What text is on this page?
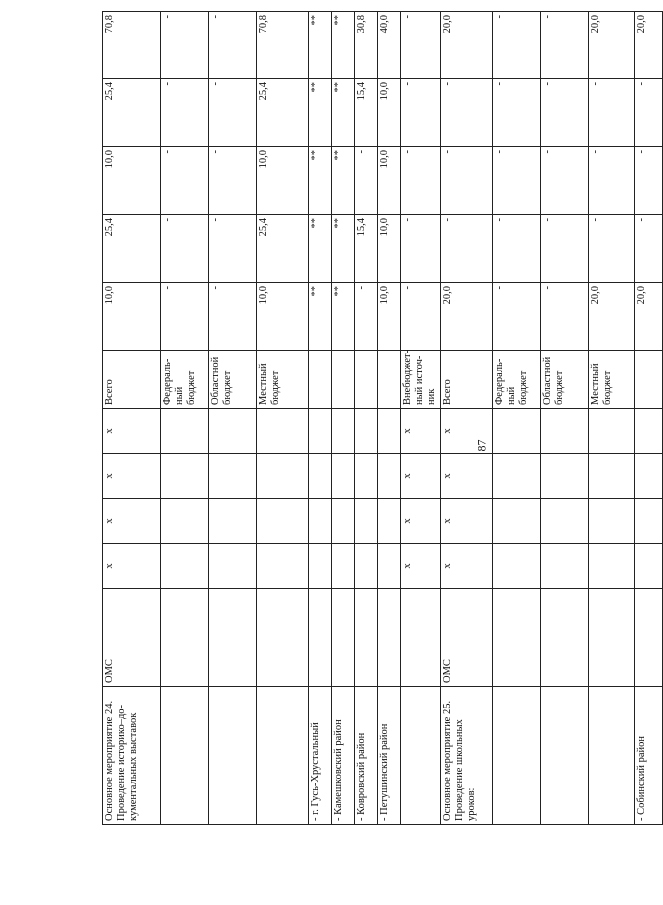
87
Основное мероприятие 24. Проведение историко–до-кументальных выставок	ОМС	х	х	х	х	Всего	10,0	25,4	10,0	25,4	70,8
						Федераль-ный бюджет	-	-	-	-	-
						Областной бюджет	-	-	-	-	-
						Местный бюджет	10,0	25,4	10,0	25,4	70,8
- г. Гусь-Хрустальный							**	**	**	**	**
- Камешковский район							**	**	**	**	**
- Ковровский район							-	15,4	-	15,4	30,8
- Петушинский район							10,0	10,0	10,0	10,0	40,0
		х	х	х	х	Внебюджет-ный источ-ник	-	-	-	-	-
Основное мероприятие 25. Проведение школьных уроков:	ОМС	х	х	х	х	Всего	20,0	-	-	-	20,0
						Федераль-ный бюджет	-	-	-	-	-
						Областной бюджет	-	-	-	-	-
						Местный бюджет	20,0	-	-	-	20,0
- Собинский район							20,0	-	-	-	20,0
